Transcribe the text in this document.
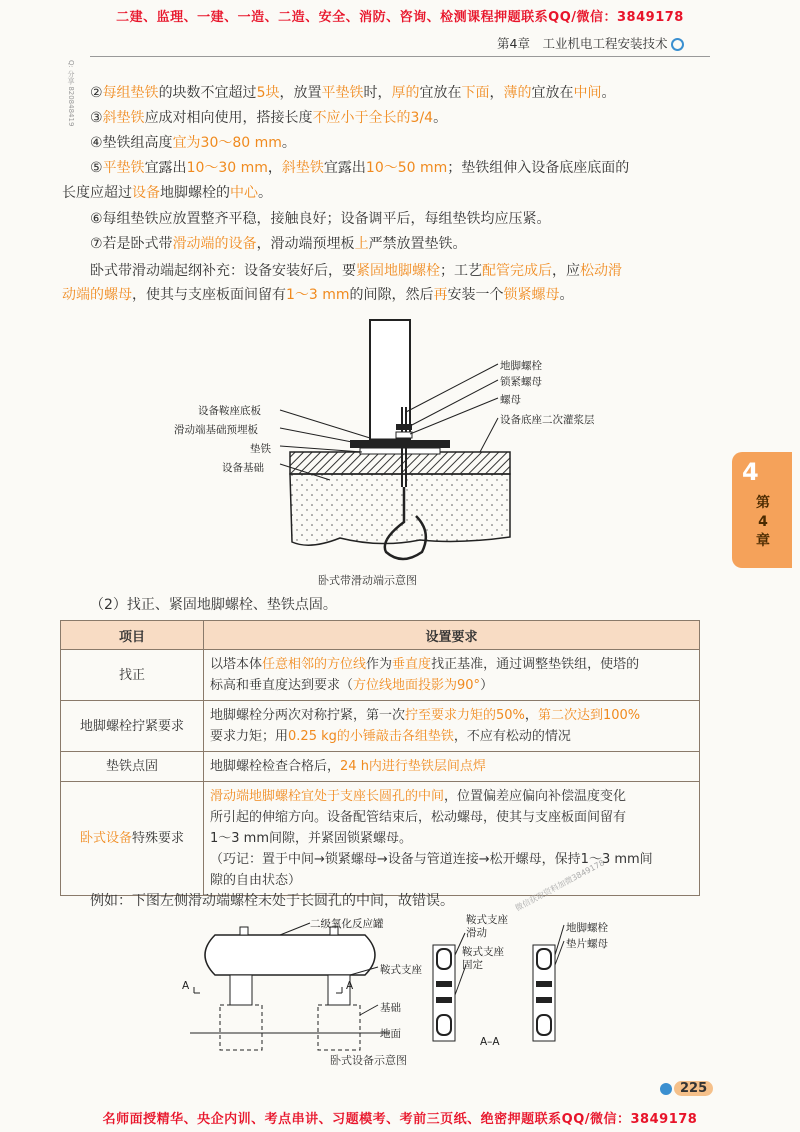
二建、监理、一建、一造、二造、安全、消防、咨询、检测课程押题联系QQ/微信：3849178
第4章　工业机电工程安装技术
Q: 分享 820848419 ②每组垫铁的块数不宜超过5块，放置平垫铁时，厚的宜放在下面，薄的宜放在中间。
③斜垫铁应成对相向使用，搭接长度不应小于全长的3/4。
④垫铁组高度宜为30～80 mm。
⑤平垫铁宜露出10～30 mm，斜垫铁宜露出10～50 mm；垫铁组伸入设备底座底面的
长度应超过设备地脚螺栓的中心。
⑥每组垫铁应放置整齐平稳，接触良好；设备调平后，每组垫铁均应压紧。
⑦若是卧式带滑动端的设备，滑动端预埋板上严禁放置垫铁。
卧式带滑动端起纲补充：设备安装好后，要紧固地脚螺栓；工艺配管完成后，应松动滑
动端的螺母，使其与支座板面间留有1～3 mm的间隙，然后再安装一个锁紧螺母。
地脚螺栓
锁紧螺母
螺母
设备底座二次灌浆层
设备鞍座底板
滑动端基础预埋板
垫铁
设备基础
卧式带滑动端示意图
4
第4章
（2）找正、紧固地脚螺栓、垫铁点固。
项目	设置要求
找正	以塔本体任意相邻的方位线作为垂直度找正基准，通过调整垫铁组，使塔的
标高和垂直度达到要求（方位线地面投影为90°）
地脚螺栓拧紧要求	地脚螺栓分两次对称拧紧，第一次拧至要求力矩的50%，第二次达到100%
要求力矩；用0.25 kg的小锤敲击各组垫铁，不应有松动的情况
垫铁点固	地脚螺栓检查合格后，24 h内进行垫铁层间点焊
卧式设备特殊要求	滑动端地脚螺栓宜处于支座长圆孔的中间，位置偏差应偏向补偿温度变化
所引起的伸缩方向。设备配管结束后，松动螺母，使其与支座板面间留有
1～3 mm间隙，并紧固锁紧螺母。
（巧记：置于中间→锁紧螺母→设备与管道连接→松开螺母，保持1～3 mm间
隙的自由状态）
例如：下图左侧滑动端螺栓未处于长圆孔的中间，故错误。	微信获取资料加微3849178
二级氧化反应罐
鞍式支座
基础
地面
A	A
鞍式支座
滑动
鞍式支座
固定
地脚螺栓
垫片螺母
A–A
卧式设备示意图
225
名师面授精华、央企内训、考点串讲、习题模考、考前三页纸、绝密押题联系QQ/微信：3849178
